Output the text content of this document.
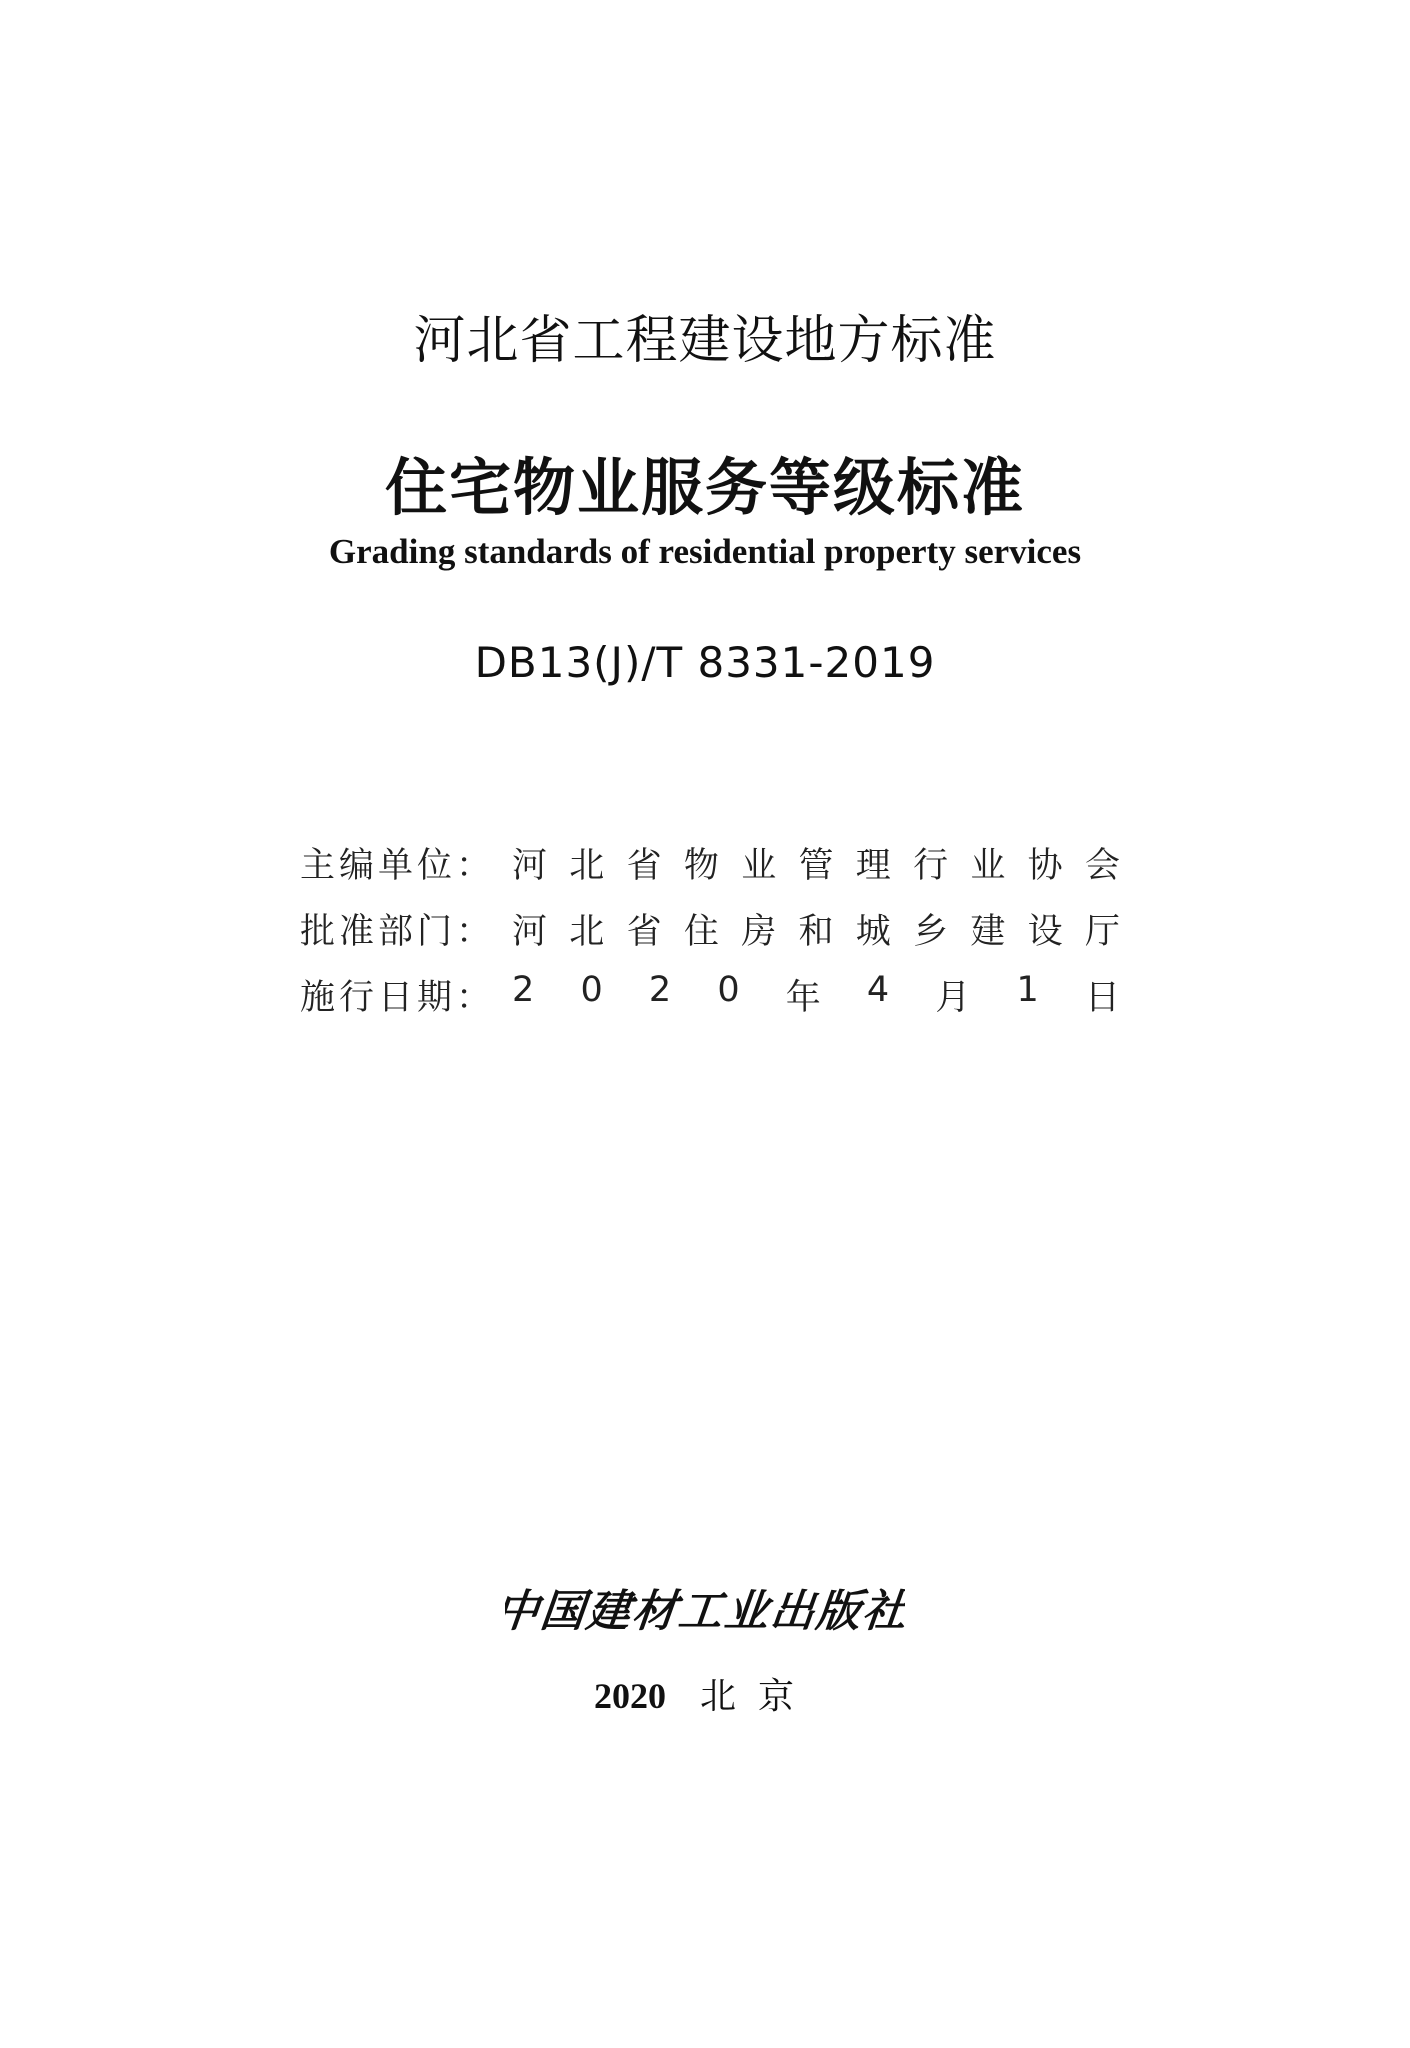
河北省工程建设地方标准
住宅物业服务等级标准
Grading standards of residential property services
DB13(J)/T 8331-2019
主编单位： 河 北 省 物 业 管 理 行 业 协 会
批准部门： 河 北 省 住 房 和 城 乡 建 设 厅
施行日期： 2 0 2 0 年 4 月 1 日
中国建材工业出版社
2020 北京
